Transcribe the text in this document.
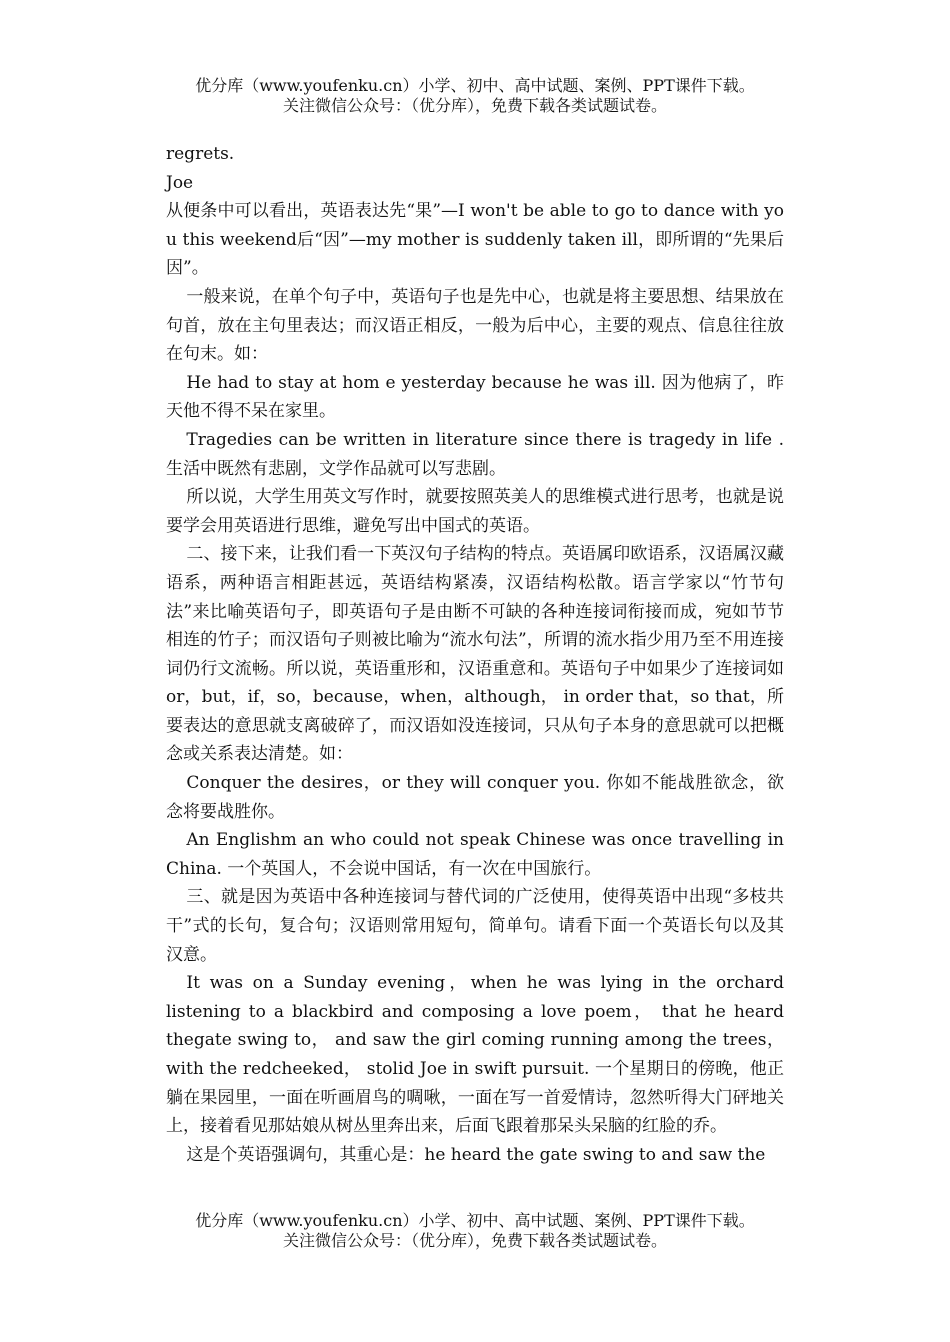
优分库（www.youfenku.cn）小学、初中、高中试题、案例、PPT课件下载。
关注微信公众号：（优分库），免费下载各类试题试卷。

regrets.

Joe

从便条中可以看出，英语表达先“果”—I won't be able to go to dance with you this weekend后“因”—my mother is suddenly taken ill，即所谓的“先果后因”。

一般来说，在单个句子中，英语句子也是先中心，也就是将主要思想、结果放在句首，放在主句里表达；而汉语正相反，一般为后中心，主要的观点、信息往往放在句末。如：

He had to stay at hom e yesterday because he was ill. 因为他病了，昨天他不得不呆在家里。

Tragedies can be written in literature since there is tragedy in life . 生活中既然有悲剧，文学作品就可以写悲剧。

所以说，大学生用英文写作时，就要按照英美人的思维模式进行思考，也就是说要学会用英语进行思维，避免写出中国式的英语。

二、接下来，让我们看一下英汉句子结构的特点。英语属印欧语系，汉语属汉藏语系，两种语言相距甚远，英语结构紧凑，汉语结构松散。语言学家以“竹节句法”来比喻英语句子，即英语句子是由断不可缺的各种连接词衔接而成，宛如节节相连的竹子；而汉语句子则被比喻为“流水句法”，所谓的流水指少用乃至不用连接词仍行文流畅。所以说，英语重形和，汉语重意和。英语句子中如果少了连接词如or，but，if，so，because，when，although， in order that，so that，所要表达的意思就支离破碎了，而汉语如没连接词，只从句子本身的意思就可以把概念或关系表达清楚。如：

Conquer the desires，or they will conquer you. 你如不能战胜欲念，欲念将要战胜你。

An Englishm an who could not speak Chinese was once travelling in China. 一个英国人，不会说中国话，有一次在中国旅行。

三、就是因为英语中各种连接词与替代词的广泛使用，使得英语中出现“多枝共干”式的长句，复合句；汉语则常用短句，简单句。请看下面一个英语长句以及其汉意。

It was on a Sunday evening，when he was lying in the orchard listening to a blackbird and composing a love poem， that he heard thegate swing to， and saw the girl coming running among the trees，with the redcheeked， stolid Joe in swift pursuit. 一个星期日的傍晚，他正躺在果园里，一面在听画眉鸟的啁啾，一面在写一首爱情诗，忽然听得大门砰地关上，接着看见那姑娘从树丛里奔出来，后面飞跟着那呆头呆脑的红脸的乔。

这是个英语强调句，其重心是：he heard the gate swing to and saw the

优分库（www.youfenku.cn）小学、初中、高中试题、案例、PPT课件下载。
关注微信公众号：（优分库），免费下载各类试题试卷。
